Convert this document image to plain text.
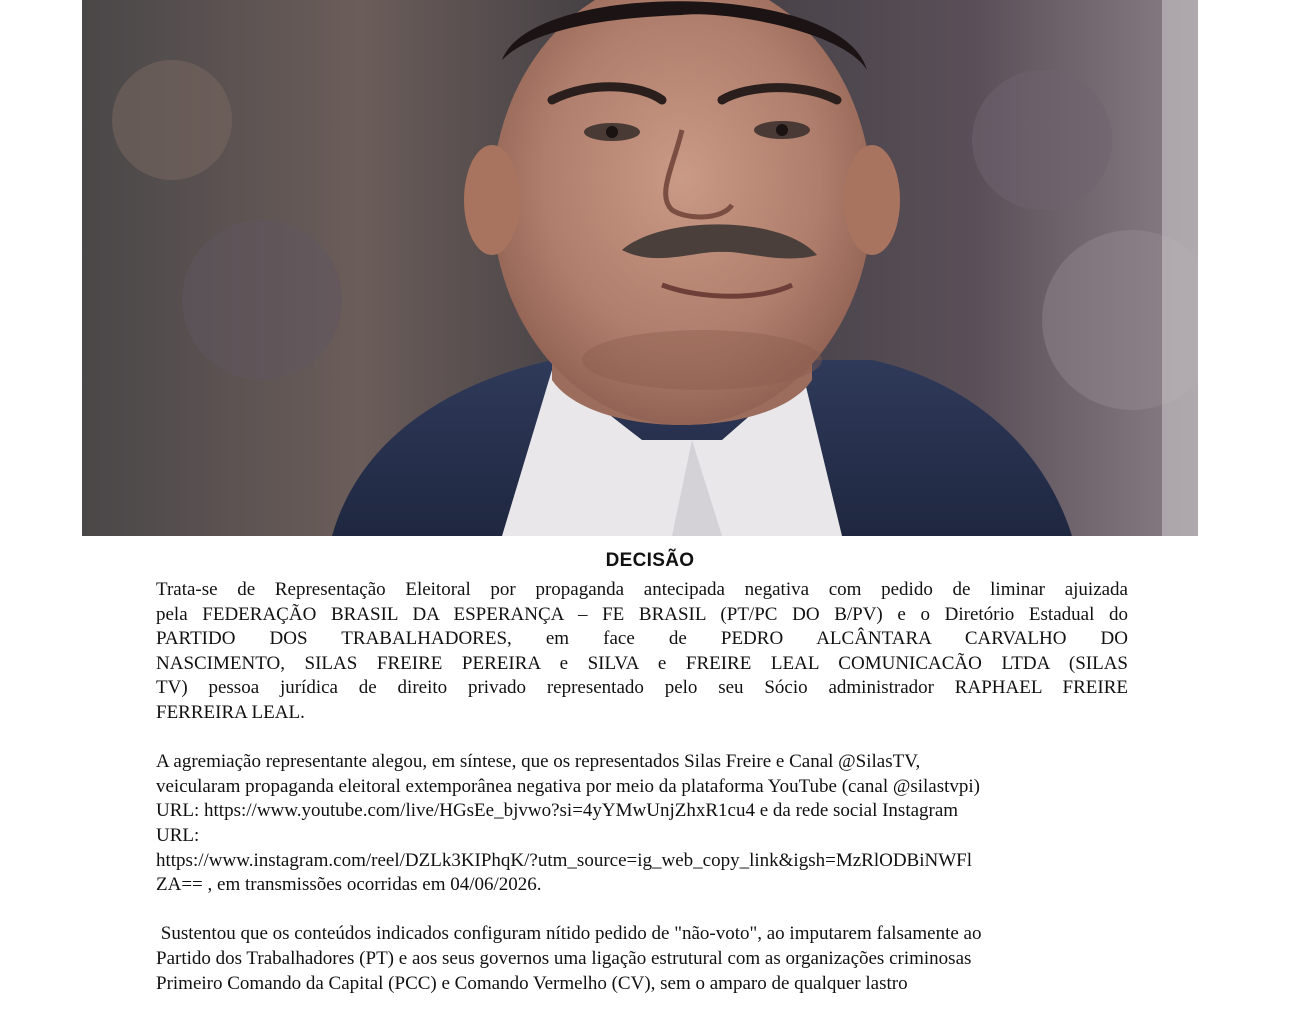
DECISÃO

Trata-se de Representação Eleitoral por propaganda antecipada negativa com pedido de liminar ajuizada
pela FEDERAÇÃO BRASIL DA ESPERANÇA – FE BRASIL (PT/PC DO B/PV) e o Diretório Estadual do
PARTIDO DOS TRABALHADORES, em face de PEDRO ALCÂNTARA CARVALHO DO
NASCIMENTO, SILAS FREIRE PEREIRA e SILVA e FREIRE LEAL COMUNICACÃO LTDA (SILAS
TV) pessoa jurídica de direito privado representado pelo seu Sócio administrador RAPHAEL FREIRE
FERREIRA LEAL.

A agremiação representante alegou, em síntese, que os representados Silas Freire e Canal @SilasTV,
veicularam propaganda eleitoral extemporânea negativa por meio da plataforma YouTube (canal @silastvpi)
URL: https://www.youtube.com/live/HGsEe_bjvwo?si=4yYMwUnjZhxR1cu4 e da rede social Instagram
URL:
https://www.instagram.com/reel/DZLk3KIPhqK/?utm_source=ig_web_copy_link&igsh=MzRlODBiNWFl
ZA== , em transmissões ocorridas em 04/06/2026.

Sustentou que os conteúdos indicados configuram nítido pedido de "não-voto", ao imputarem falsamente ao
Partido dos Trabalhadores (PT) e aos seus governos uma ligação estrutural com as organizações criminosas
Primeiro Comando da Capital (PCC) e Comando Vermelho (CV), sem o amparo de qualquer lastro
